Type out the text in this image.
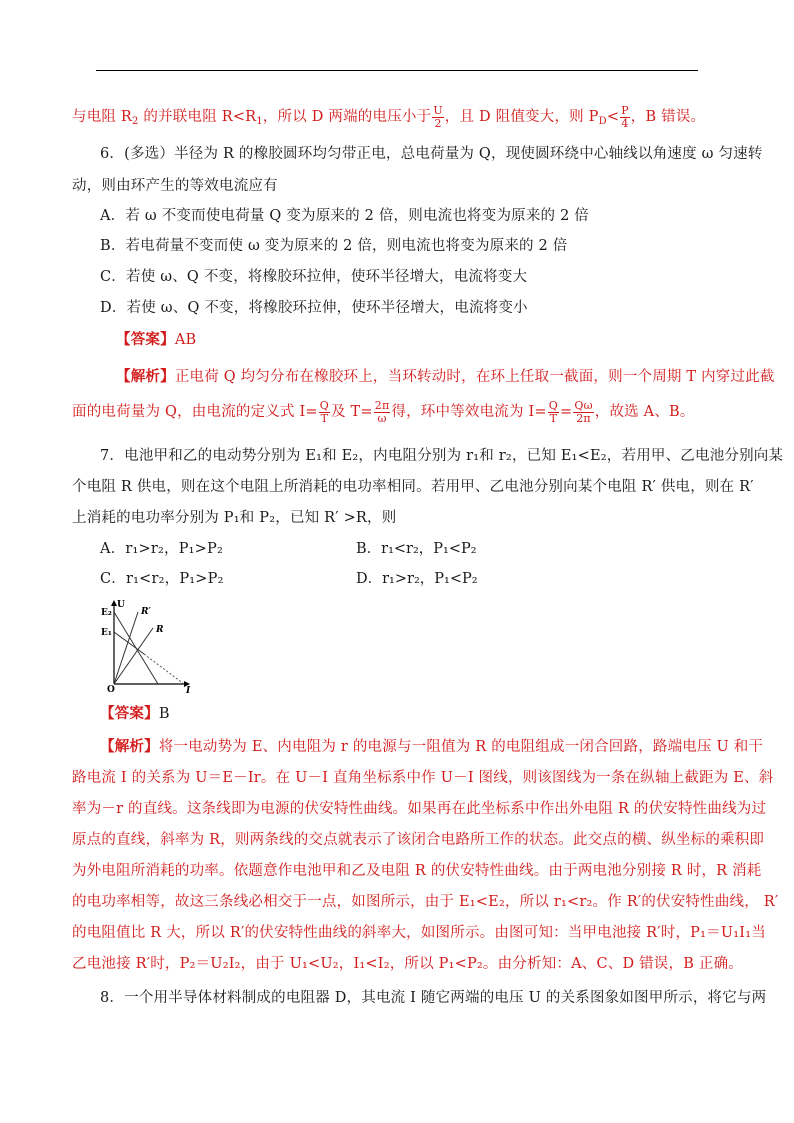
与电阻 $R_2$ 的并联电阻 $R<R_1$，所以 D 两端的电压小于 $\frac{U}{2}$ ，且 D 阻值变大，则 $P_D< \frac{P}{4}$ ，B 错误。
6．(多选）半径为 R 的橡胶圆环均匀带正电，总电荷量为 Q，现使圆环绕中心轴线以角速度 ω 匀速转
动，则由环产生的等效电流应有
A．若 ω 不变而使电荷量 Q 变为原来的 2 倍，则电流也将变为原来的 2 倍
B．若电荷量不变而使 ω 变为原来的 2 倍，则电流也将变为原来的 2 倍
C．若使 ω、Q 不变，将橡胶环拉伸，使环半径增大，电流将变大
D．若使 ω、Q 不变，将橡胶环拉伸，使环半径增大，电流将变小
【答案】AB
【解析】正电荷 Q 均匀分布在橡胶环上，当环转动时，在环上任取一截面，则一个周期 T 内穿过此截
面的电荷量为 Q，由电流的定义式 $I= \frac{Q}{T}$ 及 $T= \frac{2\pi}{\omega}$ 得，环中等效电流为 $I= \frac{Q}{T} = \frac{Q\omega}{2\pi}$ ，故选 A、B。
7．电池甲和乙的电动势分别为 E₁和 E₂，内电阻分别为 r₁和 r₂，已知 E₁<E₂，若用甲、乙电池分别向某
个电阻 R 供电，则在这个电阻上所消耗的电功率相同。若用甲、乙电池分别向某个电阻 R′ 供电，则在 R′
上消耗的电功率分别为 P₁和 P₂，已知 R′ >R，则
A．r₁>r₂，P₁>P₂	B．r₁<r₂，P₁<P₂
C．r₁<r₂，P₁>P₂	D．r₁>r₂，P₁<P₂
E₂
E₁
U
R′
R
O	I
【答案】B
【解析】将一电动势为 E、内电阻为 r 的电源与一阻值为 R 的电阻组成一闭合回路，路端电压 U 和干
路电流 I 的关系为 U＝E－Ir。在 U－I 直角坐标系中作 U－I 图线，则该图线为一条在纵轴上截距为 E、斜
率为－r 的直线。这条线即为电源的伏安特性曲线。如果再在此坐标系中作出外电阻 R 的伏安特性曲线为过
原点的直线，斜率为 R，则两条线的交点就表示了该闭合电路所工作的状态。此交点的横、纵坐标的乘积即
为外电阻所消耗的功率。依题意作电池甲和乙及电阻 R 的伏安特性曲线。由于两电池分别接 R 时，R 消耗
的电功率相等，故这三条线必相交于一点，如图所示，由于 E₁<E₂，所以 r₁<r₂。作 R′的伏安特性曲线， R′
的电阻值比 R 大，所以 R′的伏安特性曲线的斜率大，如图所示。由图可知：当甲电池接 R′时，P₁＝U₁I₁当
乙电池接 R′时，P₂＝U₂I₂，由于 U₁<U₂，I₁<I₂，所以 P₁<P₂。由分析知：A、C、D 错误，B 正确。
8．一个用半导体材料制成的电阻器 D，其电流 I 随它两端的电压 U 的关系图象如图甲所示，将它与两
